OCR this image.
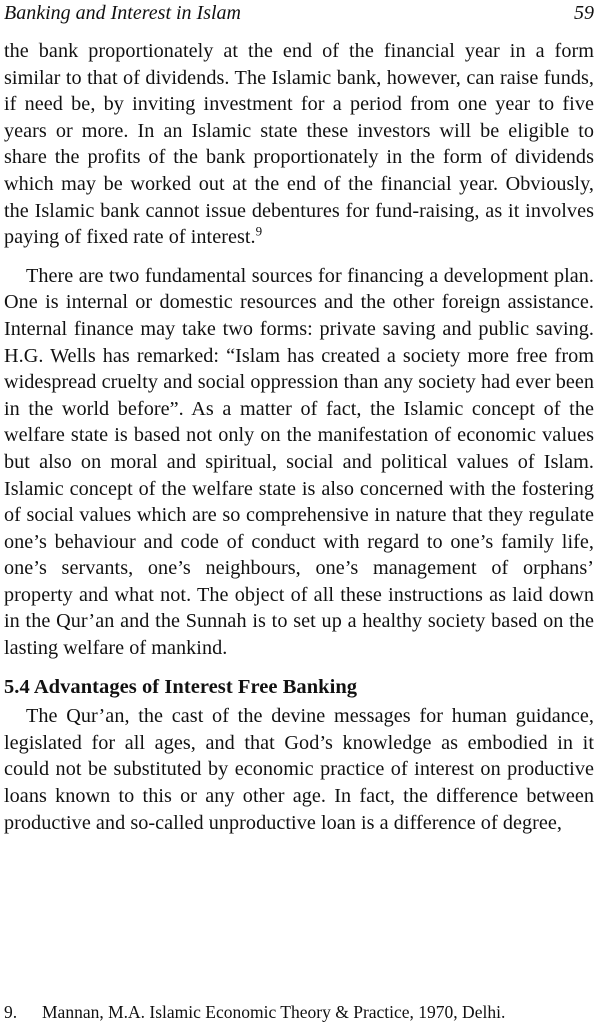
Banking and Interest in Islam	59

the bank proportionately at the end of the financial year in a form similar to that of dividends. The Islamic bank, however, can raise funds, if need be, by inviting investment for a period from one year to five years or more. In an Islamic state these investors will be eligible to share the profits of the bank proportionately in the form of dividends which may be worked out at the end of the financial year. Obviously, the Islamic bank cannot issue debentures for fund-raising, as it involves paying of fixed rate of interest.$^9$

There are two fundamental sources for financing a development plan. One is internal or domestic resources and the other foreign assistance. Internal finance may take two forms: private saving and public saving. H.G. Wells has remarked: “Islam has created a society more free from widespread cruelty and social oppression than any society had ever been in the world before”. As a matter of fact, the Islamic concept of the welfare state is based not only on the manifestation of economic values but also on moral and spiritual, social and political values of Islam. Islamic concept of the welfare state is also concerned with the fostering of social values which are so comprehensive in nature that they regulate one’s behaviour and code of conduct with regard to one’s family life, one’s servants, one’s neighbours, one’s management of orphans’ property and what not. The object of all these instructions as laid down in the Qur’an and the Sunnah is to set up a healthy society based on the lasting welfare of mankind.

5.4 Advantages of Interest Free Banking

The Qur’an, the cast of the devine messages for human guidance, legislated for all ages, and that God’s knowledge as embodied in it could not be substituted by economic practice of interest on productive loans known to this or any other age. In fact, the difference between productive and so-called unproductive loan is a difference of degree,

9.	Mannan, M.A. Islamic Economic Theory & Practice, 1970, Delhi.
